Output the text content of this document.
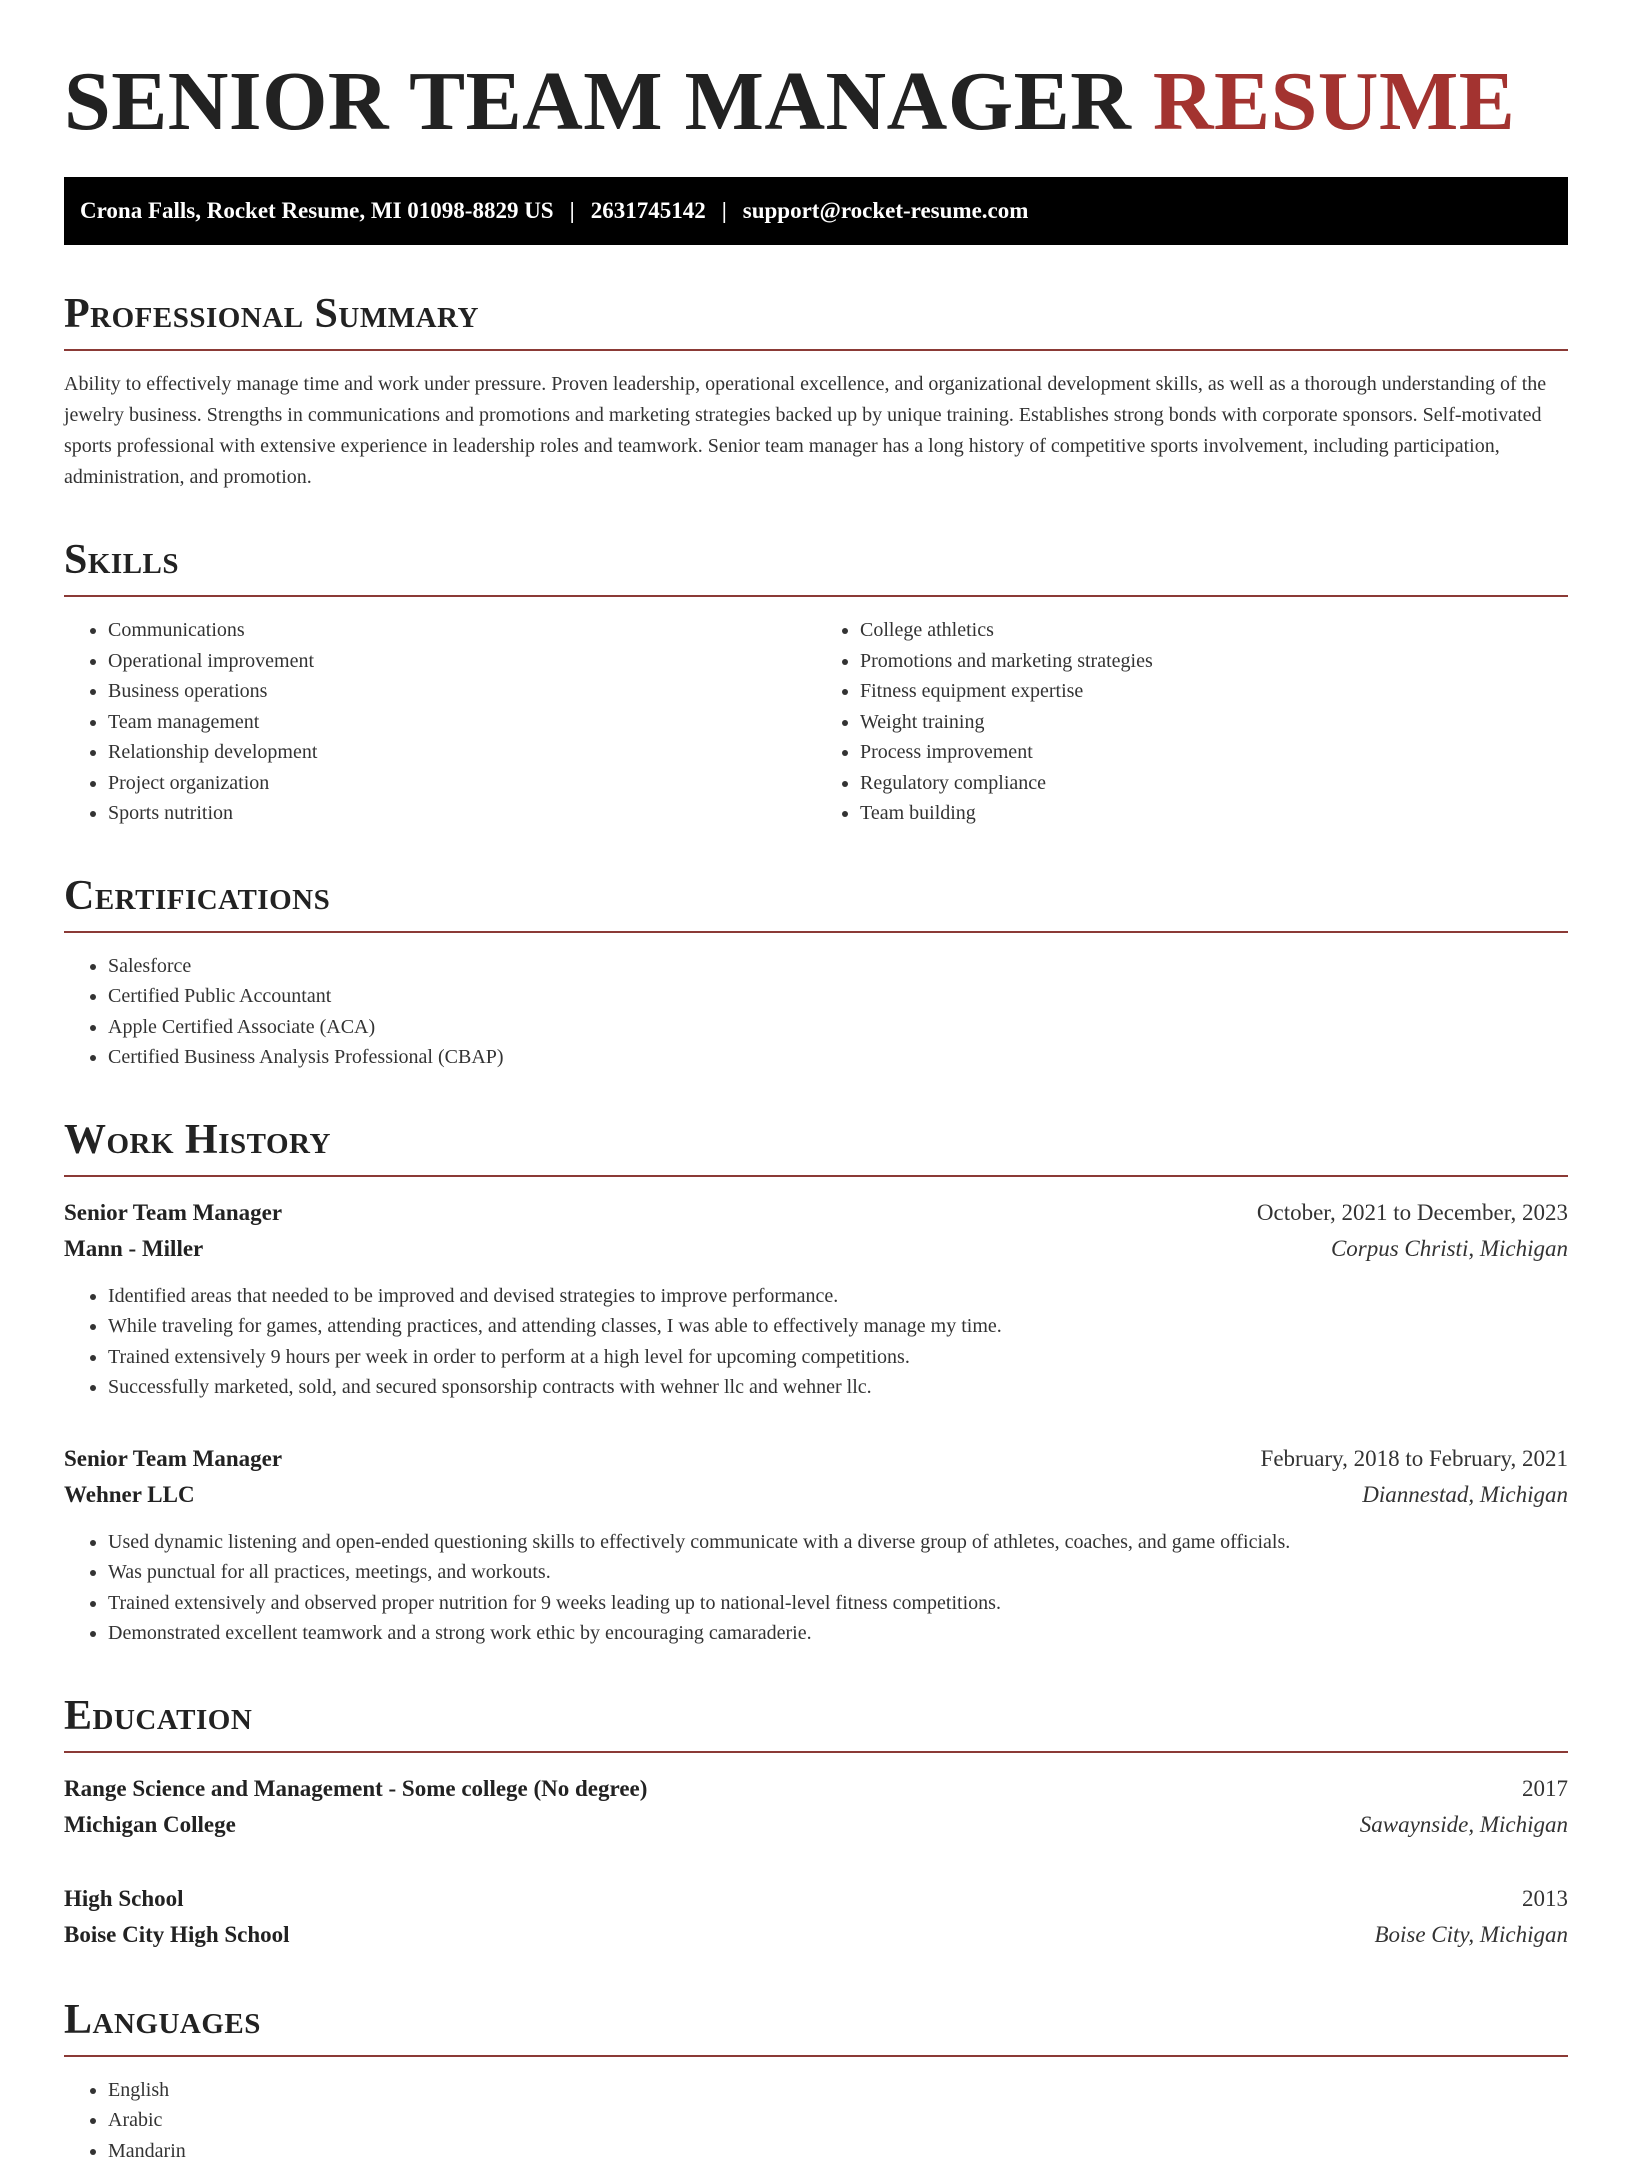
SENIOR TEAM MANAGER RESUME
Crona Falls, Rocket Resume, MI 01098-8829 US | 2631745142 | support@rocket-resume.com
Professional Summary

Ability to effectively manage time and work under pressure. Proven leadership, operational excellence, and organizational development skills, as well as a thorough understanding of the jewelry business. Strengths in communications and promotions and marketing strategies backed up by unique training. Establishes strong bonds with corporate sponsors. Self-motivated sports professional with extensive experience in leadership roles and teamwork. Senior team manager has a long history of competitive sports involvement, including participation, administration, and promotion.

Skills
• Communications
• Operational improvement
• Business operations
• Team management
• Relationship development
• Project organization
• Sports nutrition
• College athletics
• Promotions and marketing strategies
• Fitness equipment expertise
• Weight training
• Process improvement
• Regulatory compliance
• Team building
Certifications
• Salesforce
• Certified Public Accountant
• Apple Certified Associate (ACA)
• Certified Business Analysis Professional (CBAP)
Work History
Senior Team Manager	October, 2021 to December, 2023
Mann - Miller	Corpus Christi, Michigan
• Identified areas that needed to be improved and devised strategies to improve performance.
• While traveling for games, attending practices, and attending classes, I was able to effectively manage my time.
• Trained extensively 9 hours per week in order to perform at a high level for upcoming competitions.
• Successfully marketed, sold, and secured sponsorship contracts with wehner llc and wehner llc.
Senior Team Manager	February, 2018 to February, 2021
Wehner LLC	Diannestad, Michigan
• Used dynamic listening and open-ended questioning skills to effectively communicate with a diverse group of athletes, coaches, and game officials.
• Was punctual for all practices, meetings, and workouts.
• Trained extensively and observed proper nutrition for 9 weeks leading up to national-level fitness competitions.
• Demonstrated excellent teamwork and a strong work ethic by encouraging camaraderie.
Education
Range Science and Management - Some college (No degree)	2017
Michigan College	Sawaynside, Michigan
High School	2013
Boise City High School	Boise City, Michigan
Languages
• English
• Arabic
• Mandarin
